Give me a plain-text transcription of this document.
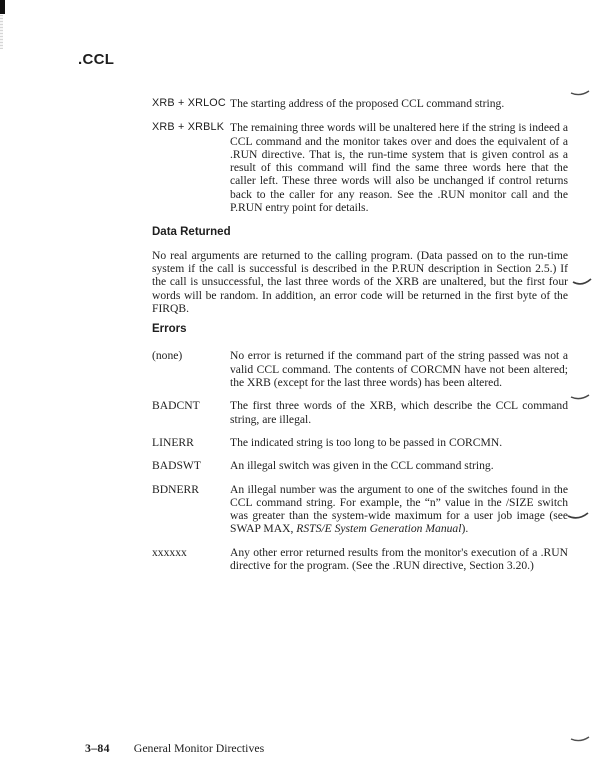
.CCL
XRB + XRLOC The starting address of the proposed CCL command string.
XRB + XRBLK The remaining three words will be unaltered here if the string is indeed a CCL command and the monitor takes over and does the equivalent of a .RUN directive. That is, the run-time system that is given control as a result of this command will find the same three words here that the caller left. These three words will also be unchanged if control returns back to the caller for any reason. See the .RUN monitor call and the P.RUN entry point for details.
Data Returned

No real arguments are returned to the calling program. (Data passed on to the run-time system if the call is successful is described in the P.RUN description in Section 2.5.) If the call is unsuccessful, the last three words of the XRB are unaltered, but the first four words will be random. In addition, an error code will be returned in the first byte of the FIRQB.

Errors
(none)	No error is returned if the command part of the string passed was not a valid CCL command. The contents of CORCMN have not been altered; the XRB (except for the last three words) has been altered.
BADCNT	The first three words of the XRB, which describe the CCL command string, are illegal.
LINERR	The indicated string is too long to be passed in CORCMN.
BADSWT	An illegal switch was given in the CCL command string.
BDNERR	An illegal number was the argument to one of the switches found in the CCL command string. For example, the “n” value in the /SIZE switch was greater than the system-wide maximum for a user job image (see SWAP MAX, RSTS/E System Generation Manual).
xxxxxx	Any other error returned results from the monitor's execution of a .RUN directive for the program. (See the .RUN directive, Section 3.20.)
3–84 General Monitor Directives
